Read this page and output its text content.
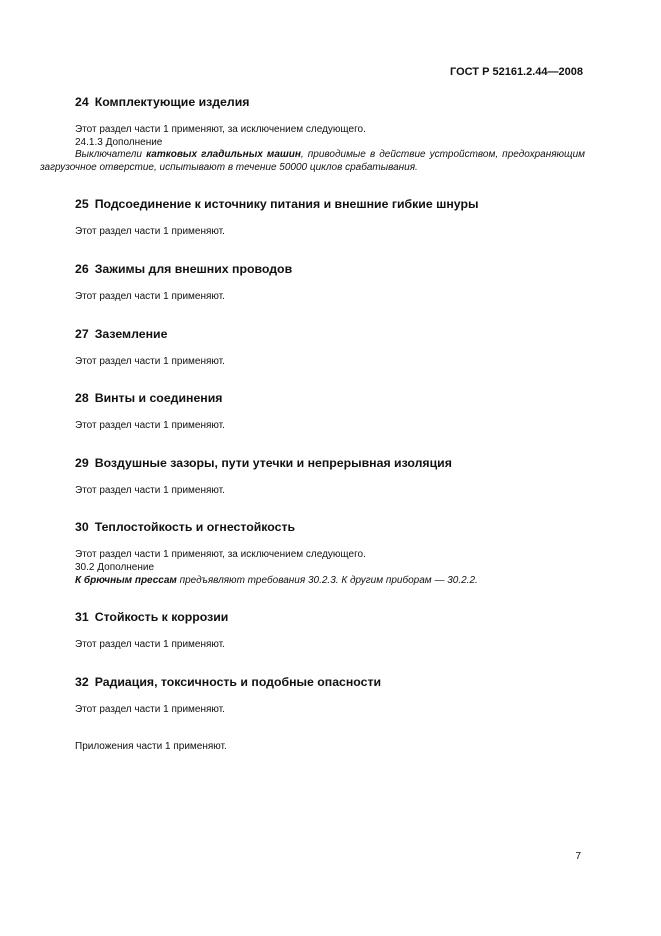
ГОСТ Р 52161.2.44—2008
24 Комплектующие изделия
Этот раздел части 1 применяют, за исключением следующего.
24.1.3 Дополнение
Выключатели катковых гладильных машин, приводимые в действие устройством, предохраняющим загрузочное отверстие, испытывают в течение 50000 циклов срабатывания.
25 Подсоединение к источнику питания и внешние гибкие шнуры
Этот раздел части 1 применяют.
26 Зажимы для внешних проводов
Этот раздел части 1 применяют.
27 Заземление
Этот раздел части 1 применяют.
28 Винты и соединения
Этот раздел части 1 применяют.
29 Воздушные зазоры, пути утечки и непрерывная изоляция
Этот раздел части 1 применяют.
30 Теплостойкость и огнестойкость
Этот раздел части 1 применяют, за исключением следующего.
30.2 Дополнение
К брючным прессам предъявляют требования 30.2.3. К другим приборам — 30.2.2.
31 Стойкость к коррозии
Этот раздел части 1 применяют.
32 Радиация, токсичность и подобные опасности
Этот раздел части 1 применяют.
Приложения части 1 применяют.
7
